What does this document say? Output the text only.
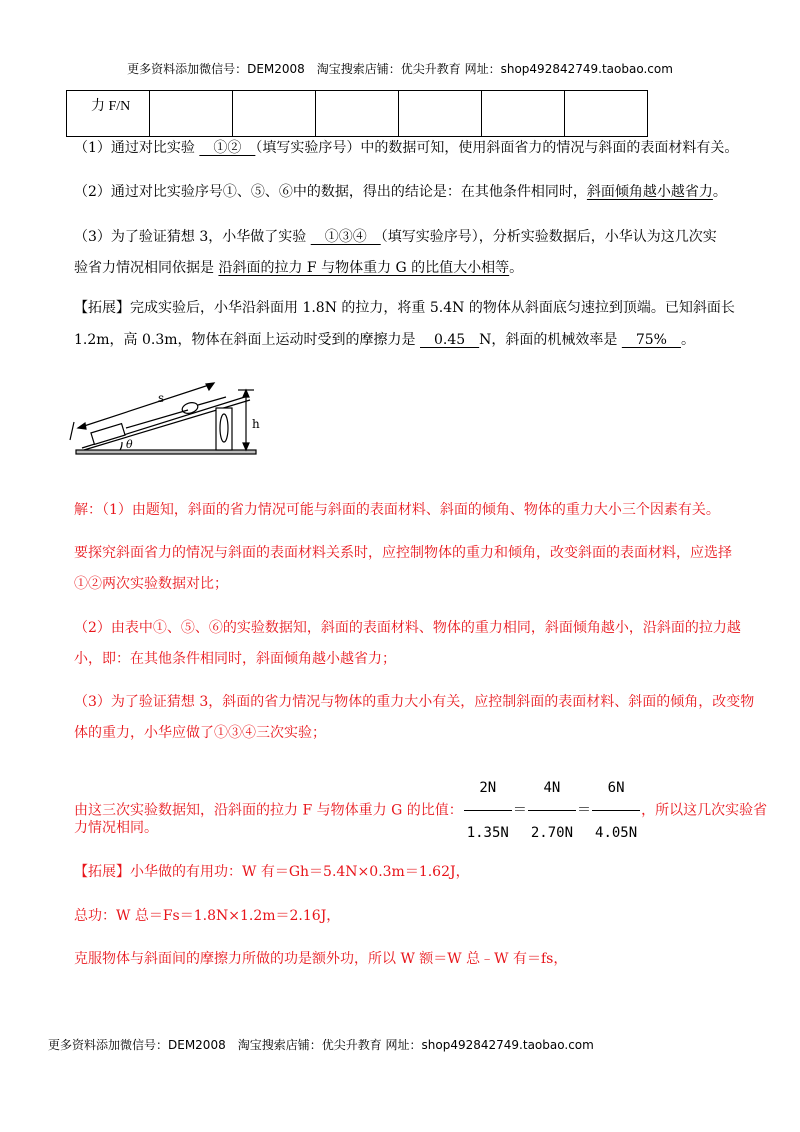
更多资料添加微信号：DEM2008　淘宝搜索店铺：优尖升教育 网址：shop492842749.taobao.com
力 F/N						
（1）通过对比实验 　①②　（填写实验序号）中的数据可知，使用斜面省力的情况与斜面的表面材料有关。
（2）通过对比实验序号①、⑤、⑥中的数据，得出的结论是：在其他条件相同时，斜面倾角越小越省力。
（3）为了验证猜想 3，小华做了实验 　①③④　（填写实验序号），分析实验数据后，小华认为这几次实
验省力情况相同依据是 沿斜面的拉力 F 与物体重力 G 的比值大小相等。
【拓展】完成实验后，小华沿斜面用 1.8N 的拉力，将重 5.4N 的物体从斜面底匀速拉到顶端。已知斜面长
1.2m，高 0.3m，物体在斜面上运动时受到的摩擦力是 　0.45　N，斜面的机械效率是 　75%　。
s
h
θ
解：（1）由题知，斜面的省力情况可能与斜面的表面材料、斜面的倾角、物体的重力大小三个因素有关。
要探究斜面省力的情况与斜面的表面材料关系时，应控制物体的重力和倾角，改变斜面的表面材料，应选择
①②两次实验数据对比；
（2）由表中①、⑤、⑥的实验数据知，斜面的表面材料、物体的重力相同，斜面倾角越小，沿斜面的拉力越
小，即：在其他条件相同时，斜面倾角越小越省力；
（3）为了验证猜想 3，斜面的省力情况与物体的重力大小有关，应控制斜面的表面材料、斜面的倾角，改变物
体的重力，小华应做了①③④三次实验；
由这三次实验数据知，沿斜面的拉力 F 与物体重力 G 的比值： $\frac{2N}{1.35N} = \frac{4N}{2.70N} = \frac{6N}{4.05N}$ ，所以这几次实验省
力情况相同。
【拓展】小华做的有用功：W 有＝Gh＝5.4N×0.3m＝1.62J，
总功：W 总＝Fs＝1.8N×1.2m＝2.16J，
克服物体与斜面间的摩擦力所做的功是额外功，所以 W 额＝W 总﹣W 有＝fs，
更多资料添加微信号：DEM2008　淘宝搜索店铺：优尖升教育 网址：shop492842749.taobao.com
